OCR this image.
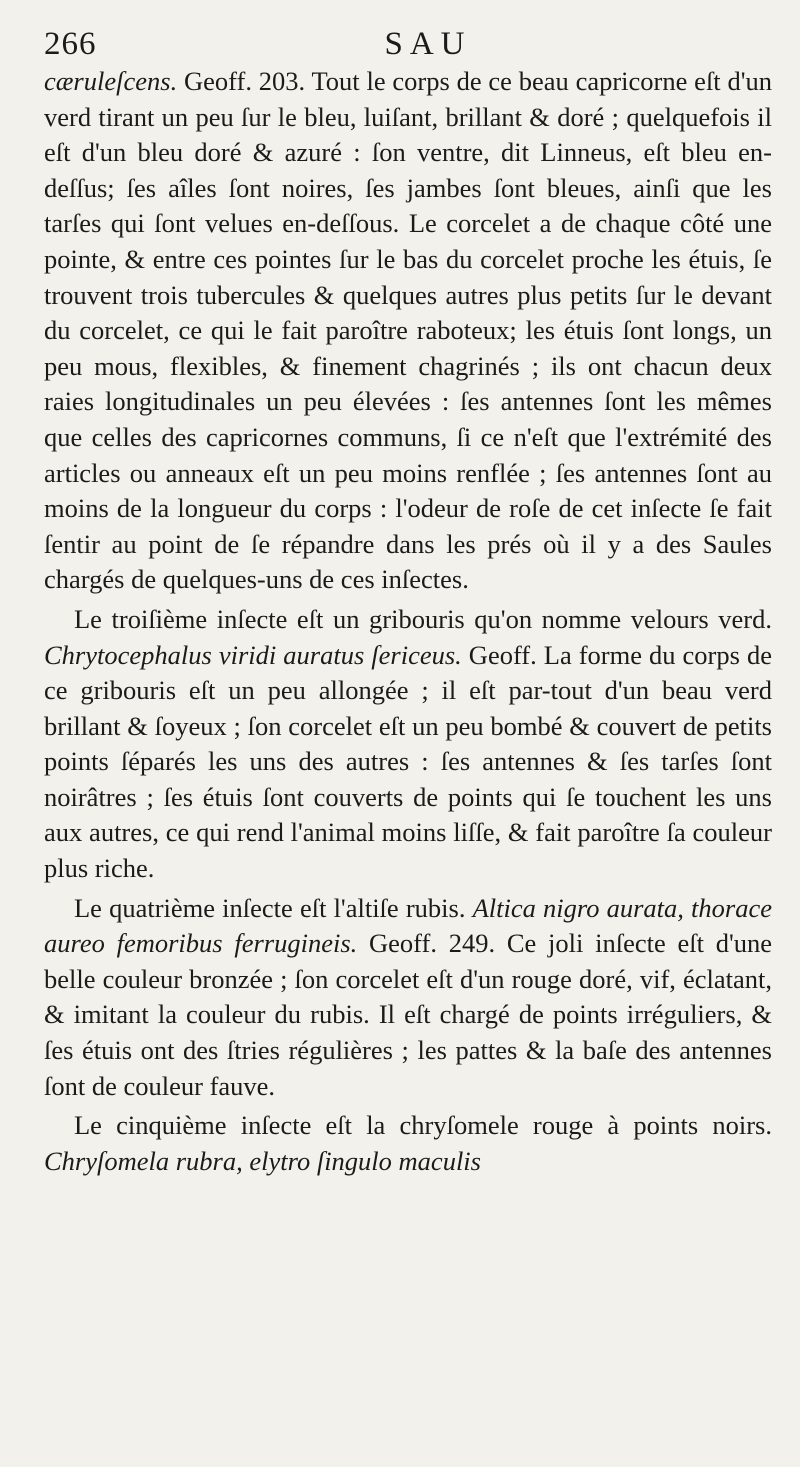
266	SAU

cæruleſcens. Geoff. 203. Tout le corps de ce beau capricorne eſt d'un verd tirant un peu ſur le bleu, luiſant, brillant & doré ; quelquefois il eſt d'un bleu doré & azuré : ſon ventre, dit Linneus, eſt bleu en-deſſus; ſes aîles ſont noires, ſes jambes ſont bleues, ainſi que les tarſes qui ſont velues en-deſſous. Le corcelet a de chaque côté une pointe, & entre ces pointes ſur le bas du corcelet proche les étuis, ſe trouvent trois tubercules & quelques autres plus petits ſur le devant du corcelet, ce qui le fait paroître raboteux; les étuis ſont longs, un peu mous, flexibles, & finement chagrinés ; ils ont chacun deux raies longitudinales un peu élevées : ſes antennes ſont les mêmes que celles des capricornes communs, ſi ce n'eſt que l'extrémité des articles ou anneaux eſt un peu moins renflée ; ſes antennes ſont au moins de la longueur du corps : l'odeur de roſe de cet inſecte ſe fait ſentir au point de ſe répandre dans les prés où il y a des Saules chargés de quelques-uns de ces inſectes.

Le troiſième inſecte eſt un gribouris qu'on nomme velours verd. Chrytocephalus viridi auratus ſericeus. Geoff. La forme du corps de ce gribouris eſt un peu allongée ; il eſt par-tout d'un beau verd brillant & ſoyeux ; ſon corcelet eſt un peu bombé & couvert de petits points ſéparés les uns des autres : ſes antennes & ſes tarſes ſont noirâtres ; ſes étuis ſont couverts de points qui ſe touchent les uns aux autres, ce qui rend l'animal moins liſſe, & fait paroître ſa couleur plus riche.

Le quatrième inſecte eſt l'altiſe rubis. Altica nigro aurata, thorace aureo femoribus ferrugineis. Geoff. 249. Ce joli inſecte eſt d'une belle couleur bronzée ; ſon corcelet eſt d'un rouge doré, vif, éclatant, & imitant la couleur du rubis. Il eſt chargé de points irréguliers, & ſes étuis ont des ſtries régulières ; les pattes & la baſe des antennes ſont de couleur fauve.

Le cinquième inſecte eſt la chryſomele rouge à points noirs. Chryſomela rubra, elytro ſingulo maculis
